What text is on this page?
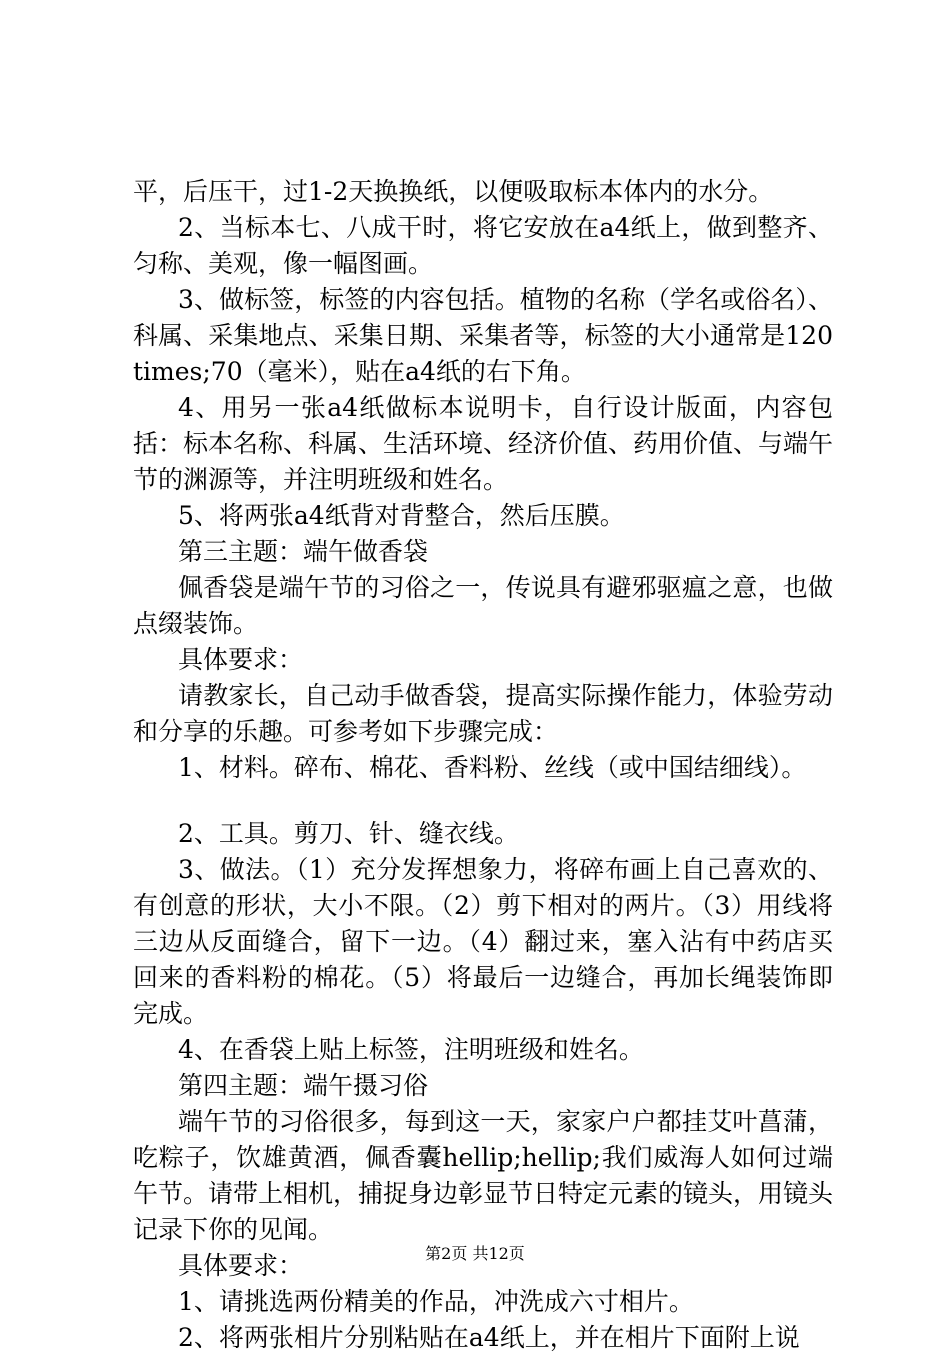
平，后压干，过1-2天换换纸，以便吸取标本体内的水分。

2、当标本七、八成干时，将它安放在a4纸上，做到整齐、匀称、美观，像一幅图画。

3、做标签，标签的内容包括。植物的名称（学名或俗名）、科属、采集地点、采集日期、采集者等，标签的大小通常是120times;70（毫米），贴在a4纸的右下角。

4、用另一张a4纸做标本说明卡，自行设计版面，内容包括：标本名称、科属、生活环境、经济价值、药用价值、与端午节的渊源等，并注明班级和姓名。

5、将两张a4纸背对背整合，然后压膜。

第三主题：端午做香袋

佩香袋是端午节的习俗之一，传说具有避邪驱瘟之意，也做点缀装饰。

具体要求：

请教家长，自己动手做香袋，提高实际操作能力，体验劳动和分享的乐趣。可参考如下步骤完成：

1、材料。碎布、棉花、香料粉、丝线（或中国结细线）。

2、工具。剪刀、针、缝衣线。

3、做法。（1）充分发挥想象力，将碎布画上自己喜欢的、有创意的形状，大小不限。（2）剪下相对的两片。（3）用线将三边从反面缝合，留下一边。（4）翻过来，塞入沾有中药店买回来的香料粉的棉花。（5）将最后一边缝合，再加长绳装饰即完成。

4、在香袋上贴上标签，注明班级和姓名。

第四主题：端午摄习俗

端午节的习俗很多，每到这一天，家家户户都挂艾叶菖蒲，吃粽子，饮雄黄酒，佩香囊hellip;hellip;我们威海人如何过端午节。请带上相机，捕捉身边彰显节日特定元素的镜头，用镜头记录下你的见闻。

具体要求：

1、请挑选两份精美的作品，冲洗成六寸相片。

2、将两张相片分别粘贴在a4纸上，并在相片下面附上说

第2页 共12页
